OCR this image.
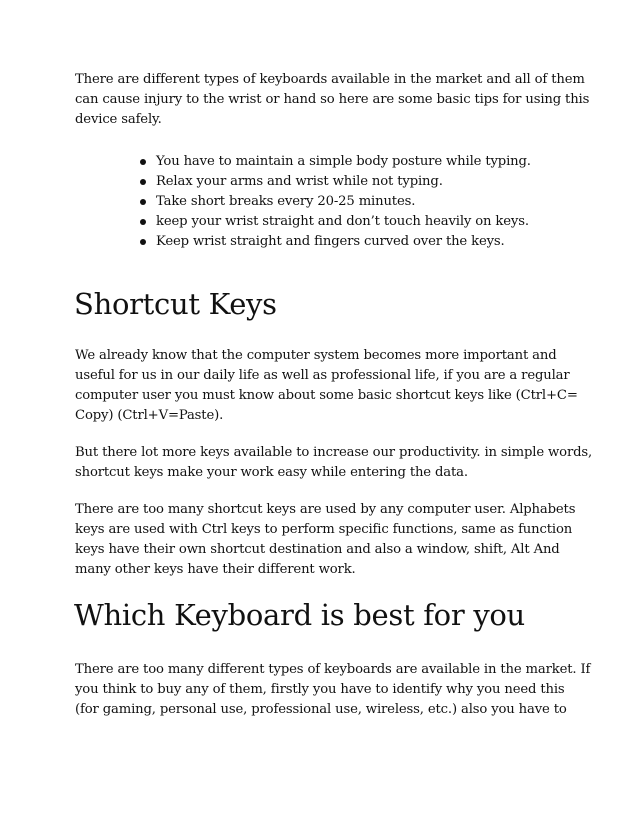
There are different types of keyboards available in the market and all of them
can cause injury to the wrist or hand so here are some basic tips for using this
device safely.

You have to maintain a simple body posture while typing.
Relax your arms and wrist while not typing.
Take short breaks every 20-25 minutes.
keep your wrist straight and don’t touch heavily on keys.
Keep wrist straight and fingers curved over the keys.
Shortcut Keys

We already know that the computer system becomes more important and
useful for us in our daily life as well as professional life, if you are a regular
computer user you must know about some basic shortcut keys like (Ctrl+C=
Copy) (Ctrl+V=Paste).

But there lot more keys available to increase our productivity. in simple words,
shortcut keys make your work easy while entering the data.

There are too many shortcut keys are used by any computer user. Alphabets
keys are used with Ctrl keys to perform specific functions, same as function
keys have their own shortcut destination and also a window, shift, Alt And
many other keys have their different work.

Which Keyboard is best for you

There are too many different types of keyboards are available in the market. If
you think to buy any of them, firstly you have to identify why you need this
(for gaming, personal use, professional use, wireless, etc.) also you have to
